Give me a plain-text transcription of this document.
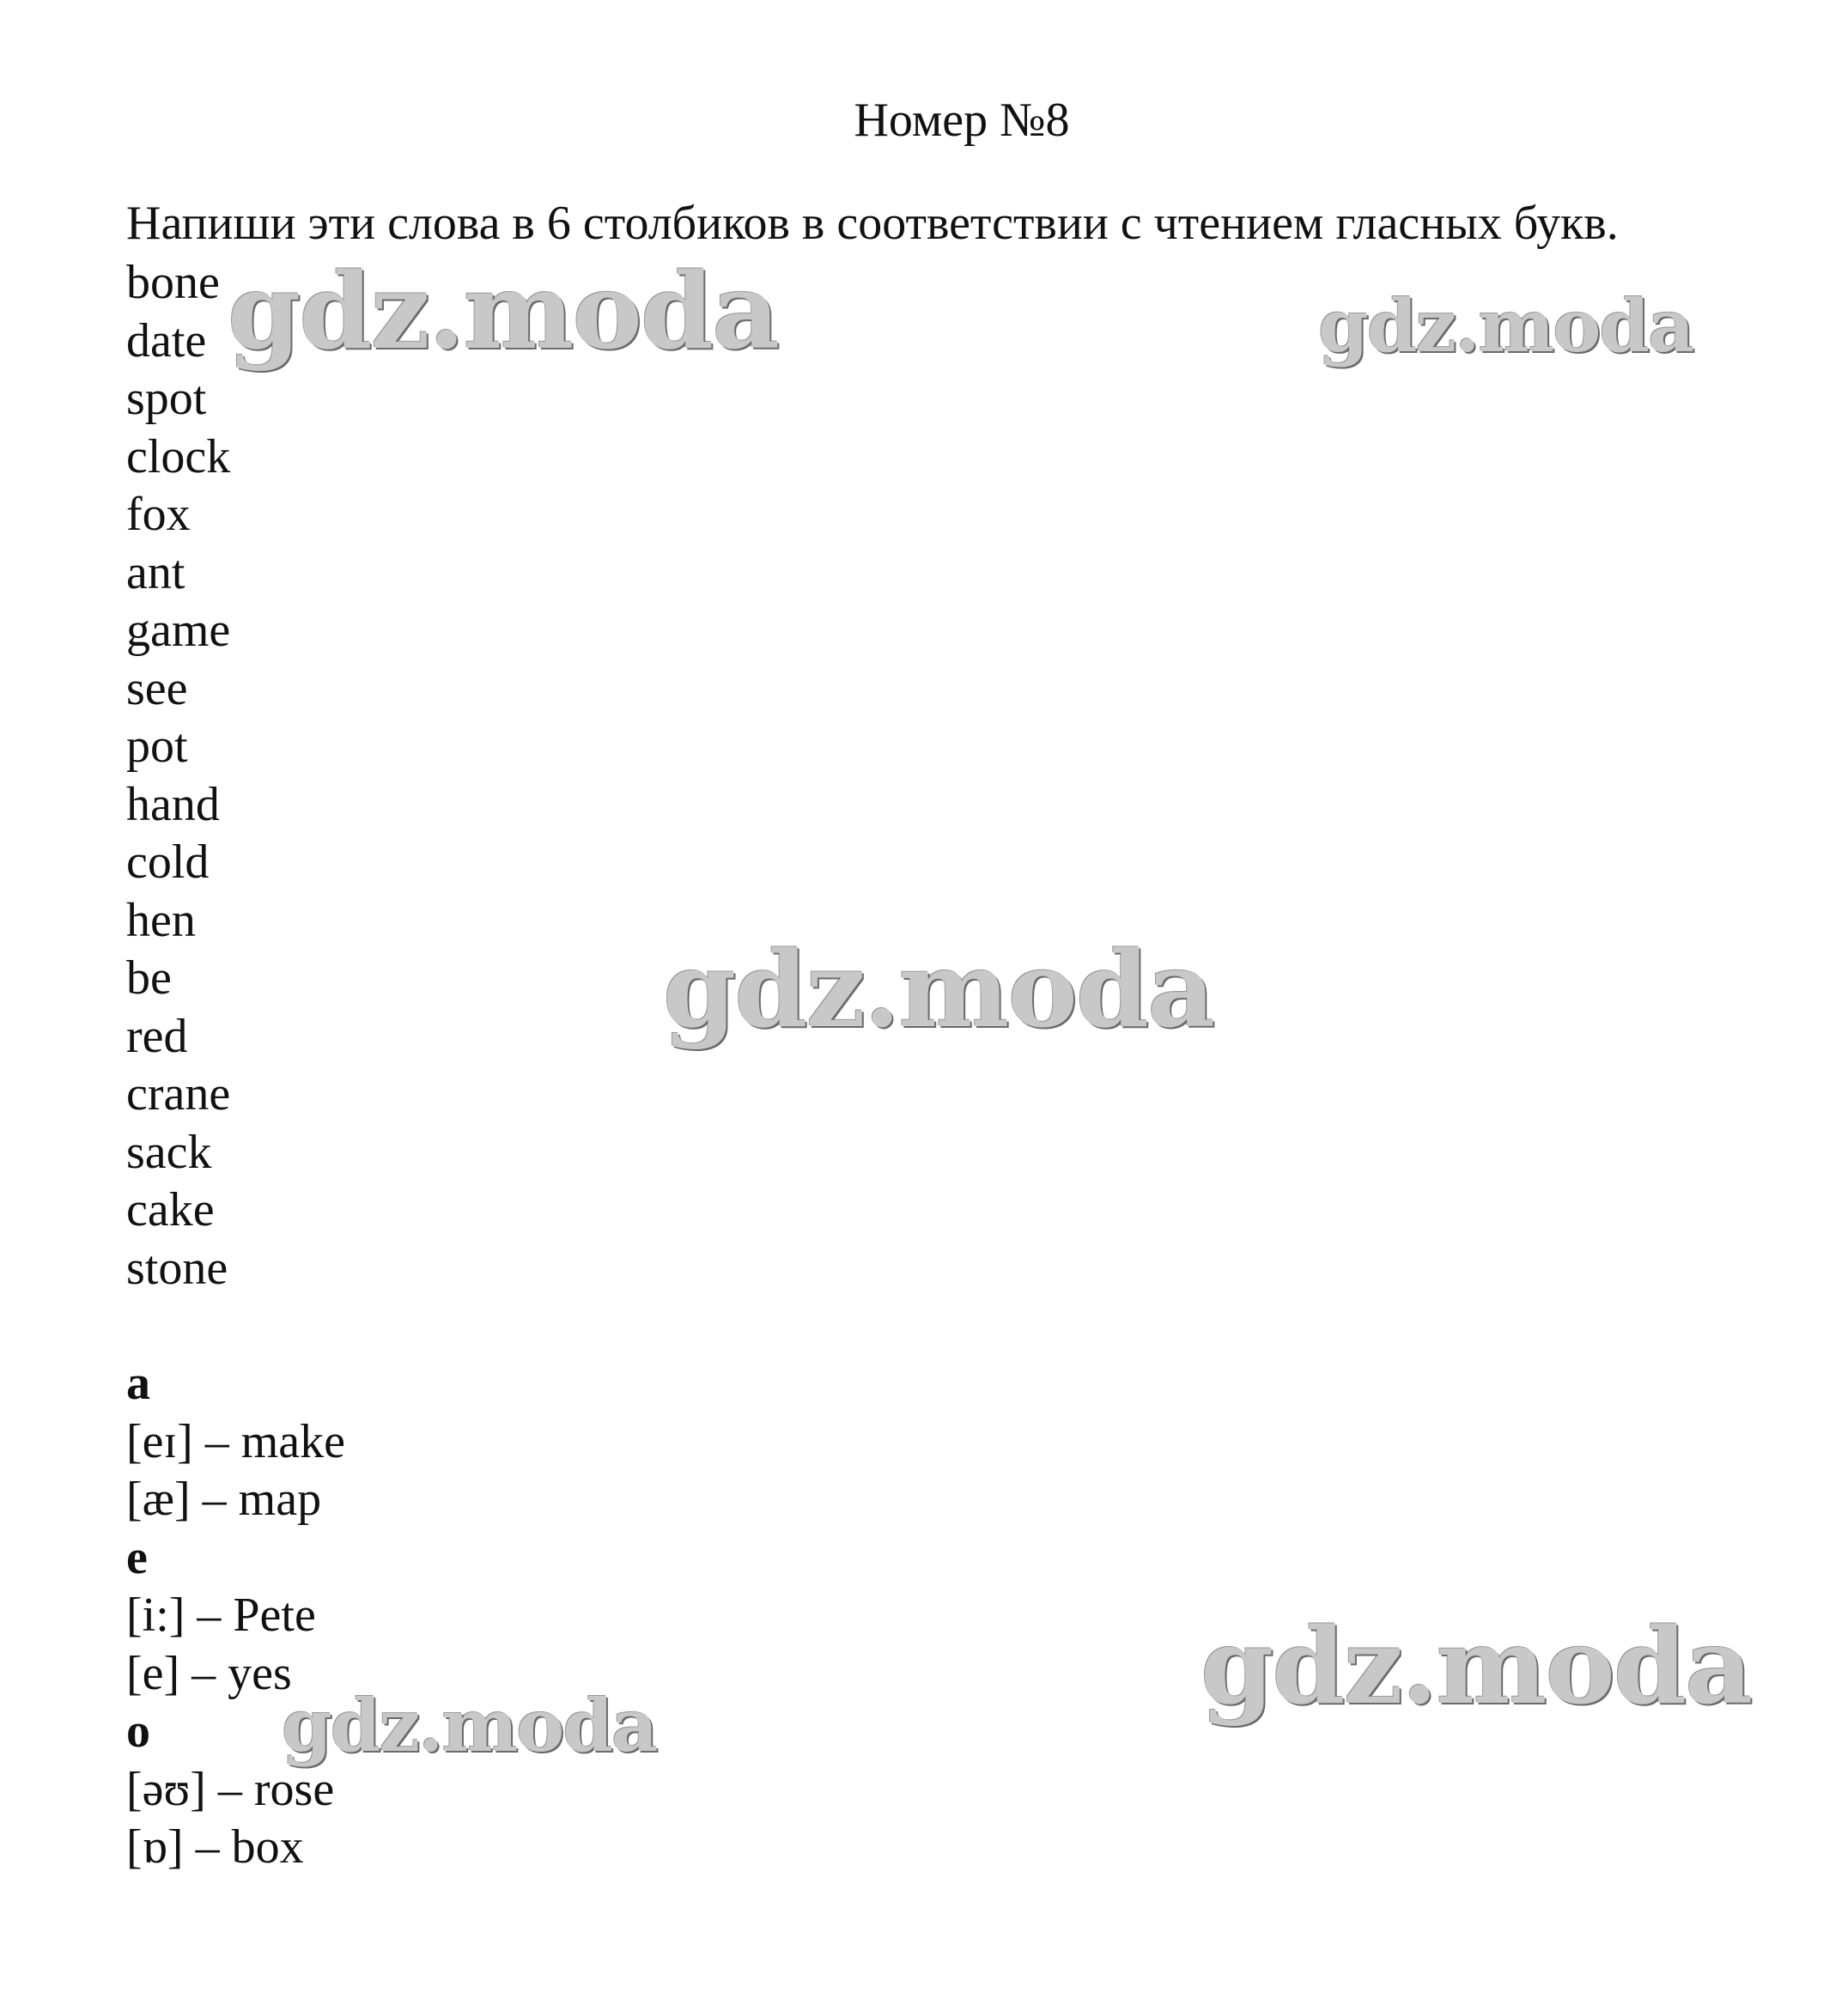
Номер №8
Напиши эти слова в 6 столбиков в соответствии с чтением гласных букв.
bone
date
spot
clock
fox
ant
game
see
pot
hand
cold
hen
be
red
crane
sack
cake
stone
a
[eɪ] – make
[æ] – map
e
[i:] – Pete
[e] – yes
o
[əʊ] – rose
[ɒ] – box
gdz.moda	gdz.moda
gdz.moda
gdz.moda
gdz.moda
